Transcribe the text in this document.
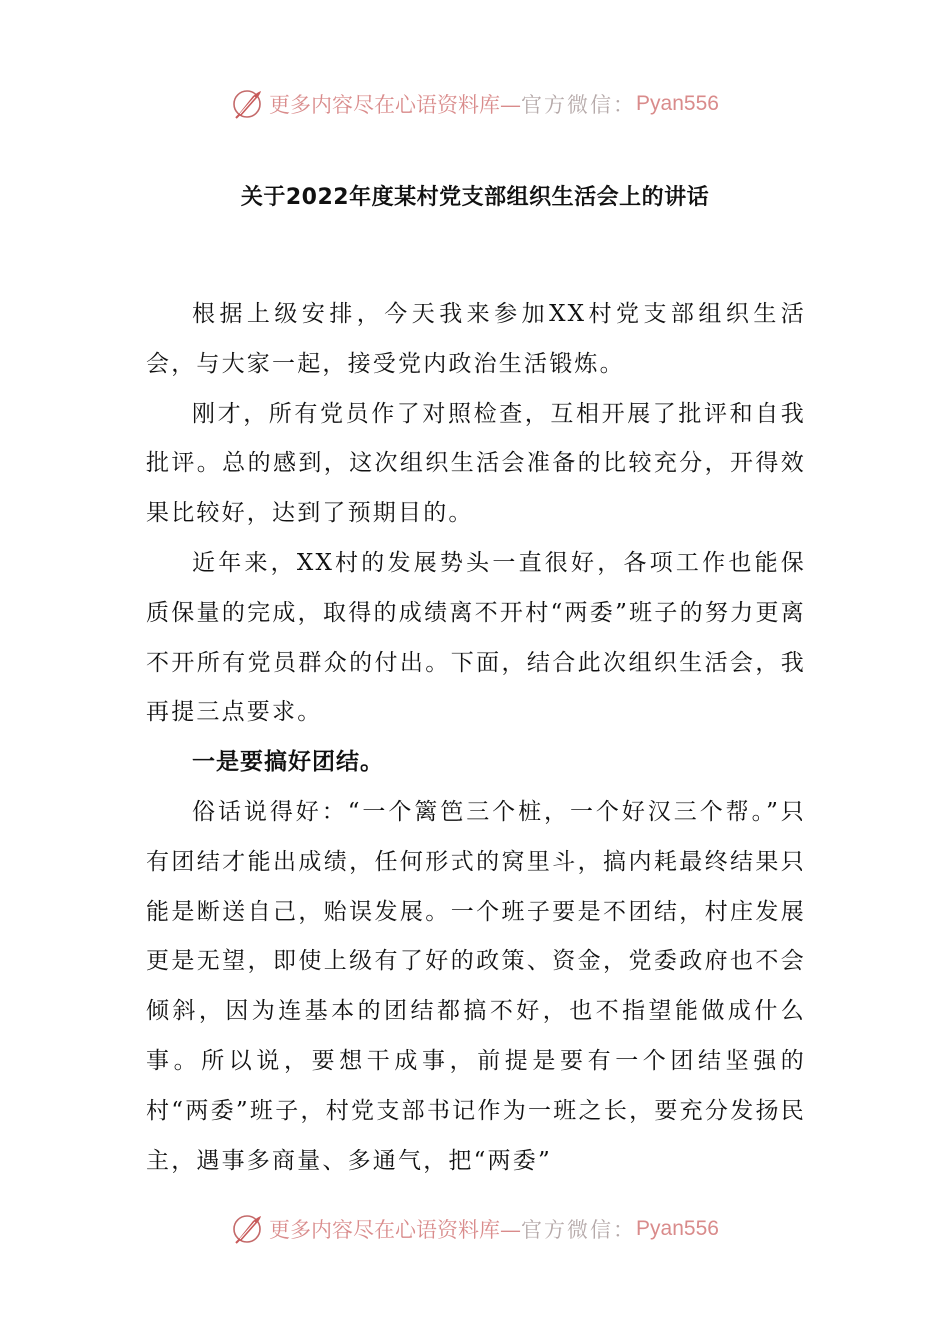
更多内容尽在心语资料库— 官方微信： Pyan556
关于2022年度某村党支部组织生活会上的讲话

根据上级安排，今天我来参加XX村党支部组织生活会，与大家一起，接受党内政治生活锻炼。

刚才，所有党员作了对照检查，互相开展了批评和自我批评。总的感到，这次组织生活会准备的比较充分，开得效果比较好，达到了预期目的。

近年来，XX村的发展势头一直很好，各项工作也能保质保量的完成，取得的成绩离不开村“两委”班子的努力更离不开所有党员群众的付出。下面，结合此次组织生活会，我再提三点要求。

一是要搞好团结。

俗话说得好：“一个篱笆三个桩，一个好汉三个帮。”只有团结才能出成绩，任何形式的窝里斗，搞内耗最终结果只能是断送自己，贻误发展。一个班子要是不团结，村庄发展更是无望，即使上级有了好的政策、资金，党委政府也不会倾斜，因为连基本的团结都搞不好，也不指望能做成什么事。所以说，要想干成事，前提是要有一个团结坚强的村“两委”班子，村党支部书记作为一班之长，要充分发扬民主，遇事多商量、多通气，把“两委”

更多内容尽在心语资料库— 官方微信： Pyan556
